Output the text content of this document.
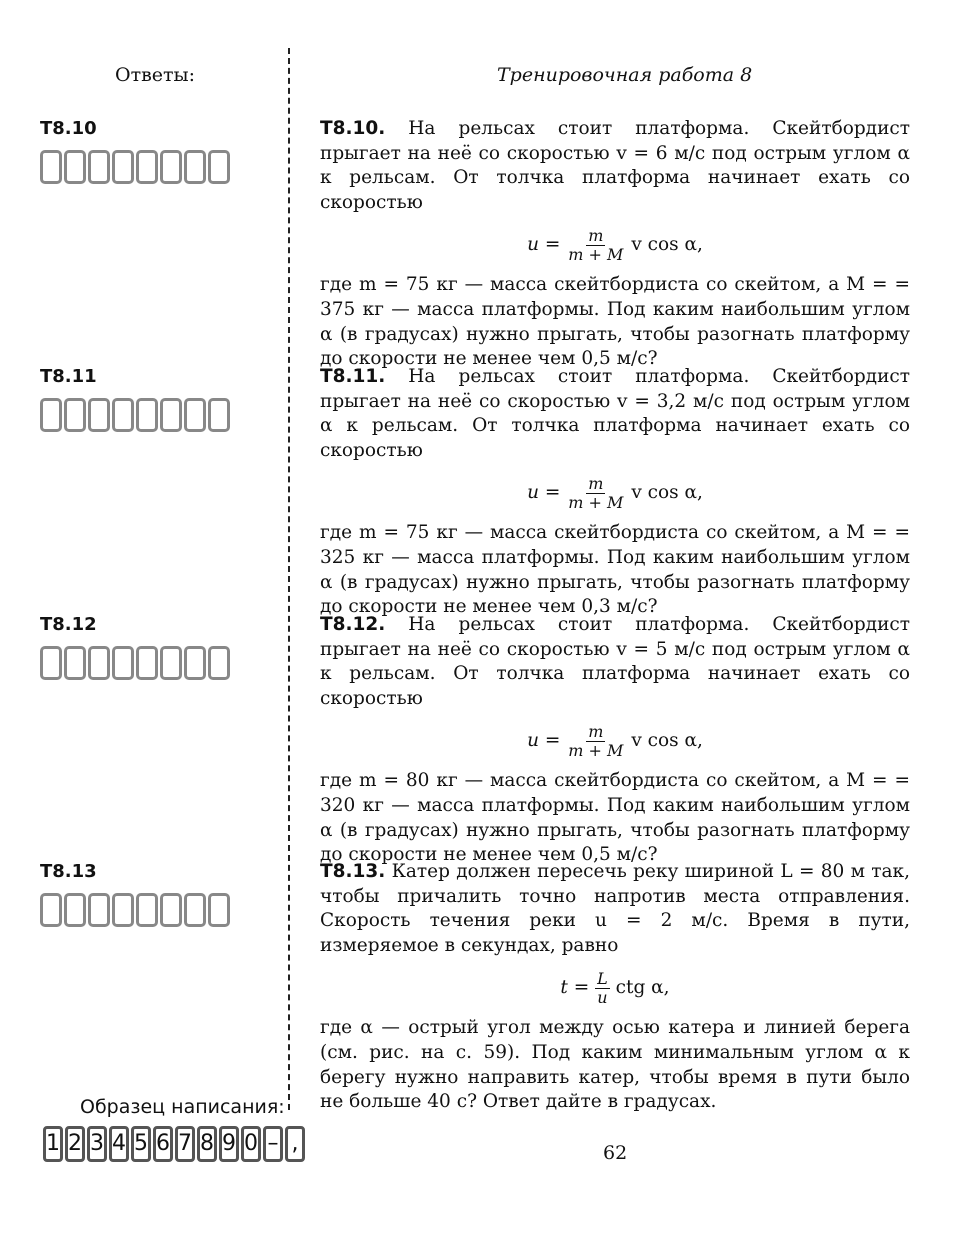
Ответы:	Тренировочная работа 8
T8.10
T8.11
T8.12
T8.13

T8.10. На рельсах стоит платформа. Скейтбордист прыгает на неё со скоростью v = 6 м/с под острым углом α к рельсам. От толчка платформа начинает ехать со скоростью

$u = \frac{m}{m + M}$ v cos α,

где m = 75 кг — масса скейтбордиста со скейтом, а M = = 375 кг — масса платформы. Под каким наибольшим углом α (в градусах) нужно прыгать, чтобы разогнать платформу до скорости не менее чем 0,5 м/с?

T8.11. На рельсах стоит платформа. Скейтбордист прыгает на неё со скоростью v = 3,2 м/с под острым углом α к рельсам. От толчка платформа начинает ехать со скоростью

$u = \frac{m}{m + M}$ v cos α,

где m = 75 кг — масса скейтбордиста со скейтом, а M = = 325 кг — масса платформы. Под каким наибольшим углом α (в градусах) нужно прыгать, чтобы разогнать платформу до скорости не менее чем 0,3 м/с?

T8.12. На рельсах стоит платформа. Скейтбордист прыгает на неё со скоростью v = 5 м/с под острым углом α к рельсам. От толчка платформа начинает ехать со скоростью

$u = \frac{m}{m + M}$ v cos α,

где m = 80 кг — масса скейтбордиста со скейтом, а M = = 320 кг — масса платформы. Под каким наибольшим углом α (в градусах) нужно прыгать, чтобы разогнать платформу до скорости не менее чем 0,5 м/с?

T8.13. Катер должен пересечь реку шириной L = 80 м так, чтобы причалить точно напротив места отправления. Скорость течения реки u = 2 м/с. Время в пути, измеряемое в секундах, равно

$t = \frac{L}{u}$ ctg α,

где α — острый угол между осью катера и линией берега (см. рис. на с. 59). Под каким минимальным углом α к берегу нужно направить катер, чтобы время в пути было не больше 40 с? Ответ дайте в градусах.

Образец написания:
1 2 3 4 5 6 7 8 9 0 – ,	62
